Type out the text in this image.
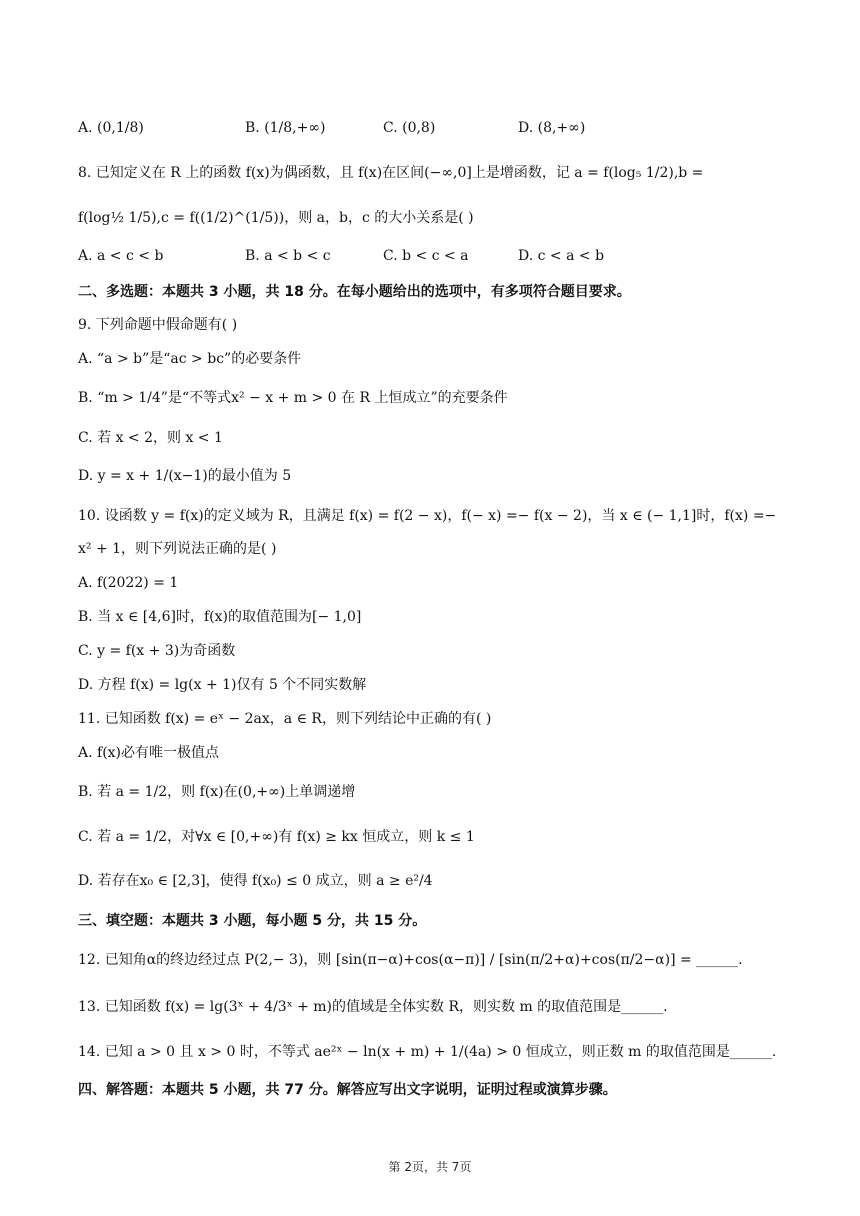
A. (0,1/8)	B. (1/8,+∞)	C. (0,8)	D. (8,+∞)
8. 已知定义在 R 上的函数 f(x)为偶函数，且 f(x)在区间(−∞,0]上是增函数，记 a = f(log₅ 1/2),b =
f(log½ 1/5),c = f((1/2)^(1/5))，则 a，b，c 的大小关系是( )
A. a < c < b	B. a < b < c	C. b < c < a	D. c < a < b
二、多选题：本题共 3 小题，共 18 分。在每小题给出的选项中，有多项符合题目要求。
9. 下列命题中假命题有( )
A. “a > b”是“ac > bc”的必要条件
B. “m > 1/4”是“不等式x² − x + m > 0 在 R 上恒成立”的充要条件
C. 若 x < 2，则 x < 1
D. y = x + 1/(x−1)的最小值为 5
10. 设函数 y = f(x)的定义域为 R，且满足 f(x) = f(2 − x)，f(− x) =− f(x − 2)，当 x ∈ (− 1,1]时，f(x) =−
x² + 1，则下列说法正确的是( )
A. f(2022) = 1
B. 当 x ∈ [4,6]时，f(x)的取值范围为[− 1,0]
C. y = f(x + 3)为奇函数
D. 方程 f(x) = lg(x + 1)仅有 5 个不同实数解
11. 已知函数 f(x) = eˣ − 2ax，a ∈ R，则下列结论中正确的有( )
A. f(x)必有唯一极值点
B. 若 a = 1/2，则 f(x)在(0,+∞)上单调递增
C. 若 a = 1/2，对∀x ∈ [0,+∞)有 f(x) ≥ kx 恒成立，则 k ≤ 1
D. 若存在x₀ ∈ [2,3]，使得 f(x₀) ≤ 0 成立，则 a ≥ e²/4
三、填空题：本题共 3 小题，每小题 5 分，共 15 分。
12. 已知角α的终边经过点 P(2,− 3)，则 [sin(π−α)+cos(α−π)] / [sin(π/2+α)+cos(π/2−α)] = ______.
13. 已知函数 f(x) = lg(3ˣ + 4/3ˣ + m)的值域是全体实数 R，则实数 m 的取值范围是______.
14. 已知 a > 0 且 x > 0 时，不等式 ae²ˣ − ln(x + m) + 1/(4a) > 0 恒成立，则正数 m 的取值范围是______.
四、解答题：本题共 5 小题，共 77 分。解答应写出文字说明，证明过程或演算步骤。
第 2页，共 7页
